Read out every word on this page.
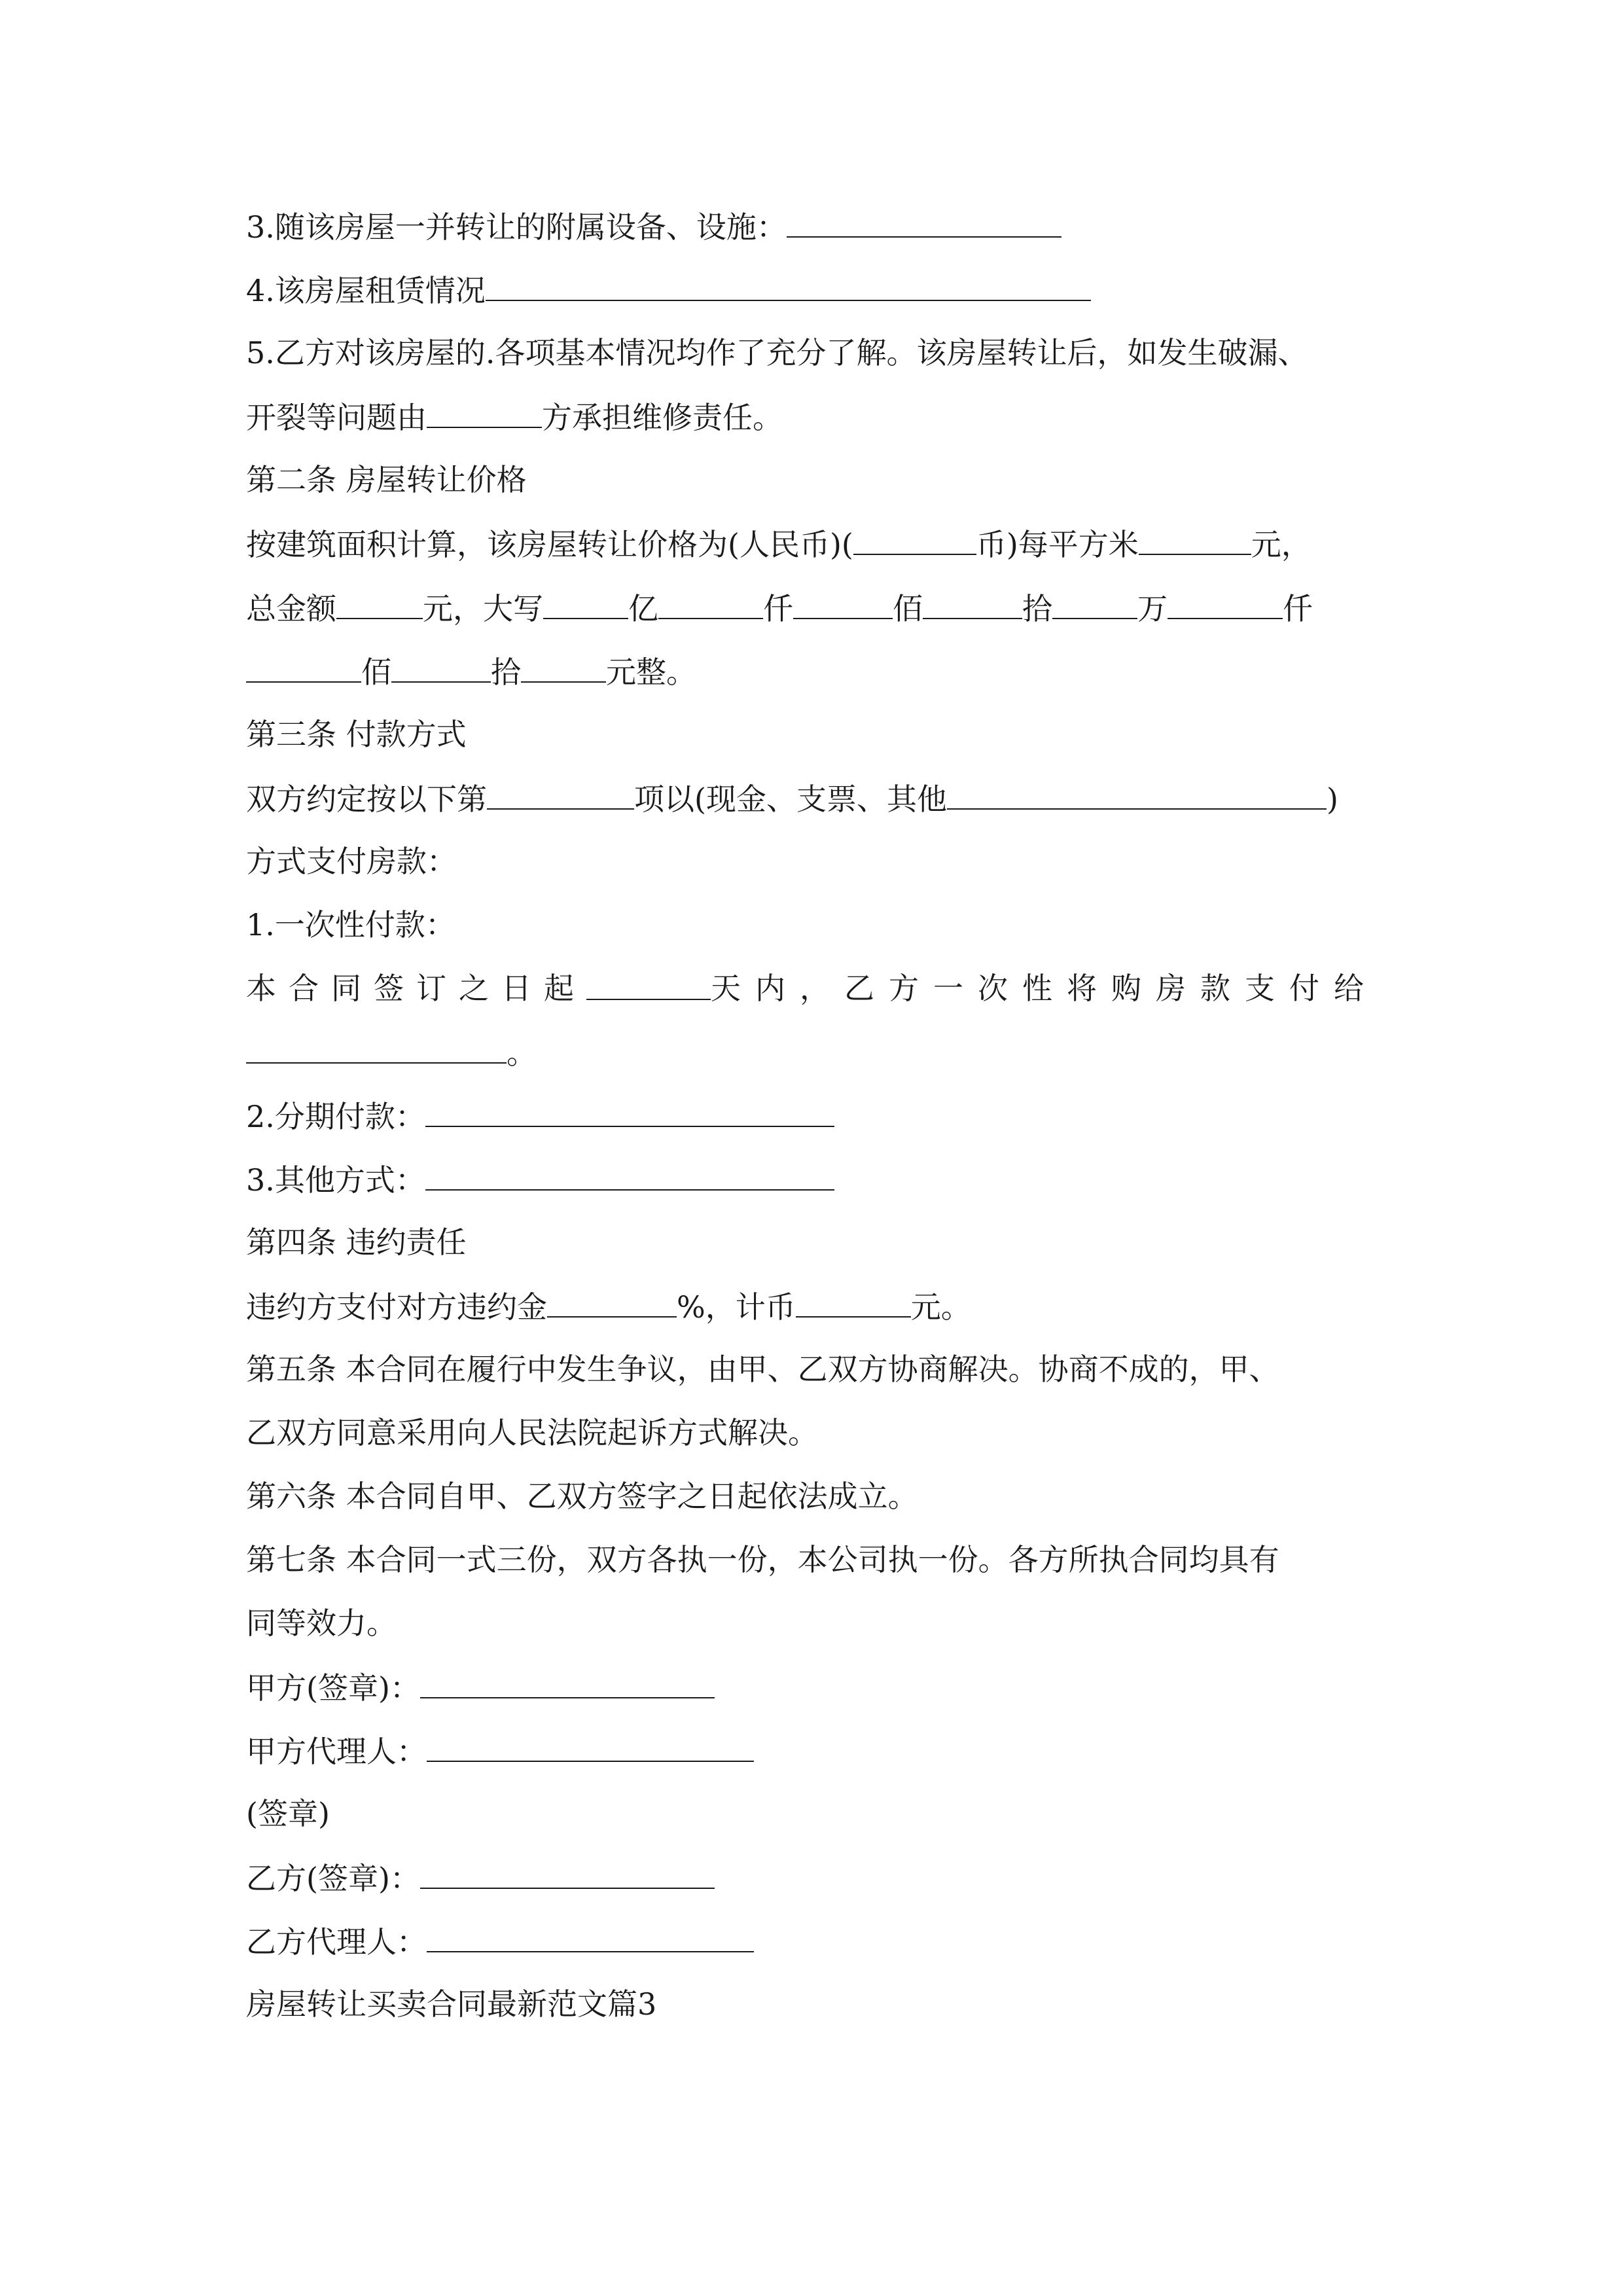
3.随该房屋一并转让的附属设备、设施：
4.该房屋租赁情况
5.乙方对该房屋的.各项基本情况均作了充分了解。该房屋转让后，如发生破漏、
开裂等问题由	方承担维修责任。
第二条 房屋转让价格
按建筑面积计算，该房屋转让价格为(人民币)(	币)每平方米	元，
总金额	元，大写	亿	仟	佰	拾	万	仟
佰	拾	元整。
第三条 付款方式
双方约定按以下第	项以(现金、支票、其他	)
方式支付房款：
1.一次性付款：
本合同签订之日起	天内，乙方一次性将购房款支付给
。
2.分期付款：
3.其他方式：
第四条 违约责任
违约方支付对方违约金	%，计币	元。
第五条 本合同在履行中发生争议，由甲、乙双方协商解决。协商不成的，甲、
乙双方同意采用向人民法院起诉方式解决。
第六条 本合同自甲、乙双方签字之日起依法成立。
第七条 本合同一式三份，双方各执一份，本公司执一份。各方所执合同均具有
同等效力。
甲方(签章)：
甲方代理人：
(签章)
乙方(签章)：
乙方代理人：
房屋转让买卖合同最新范文篇3
